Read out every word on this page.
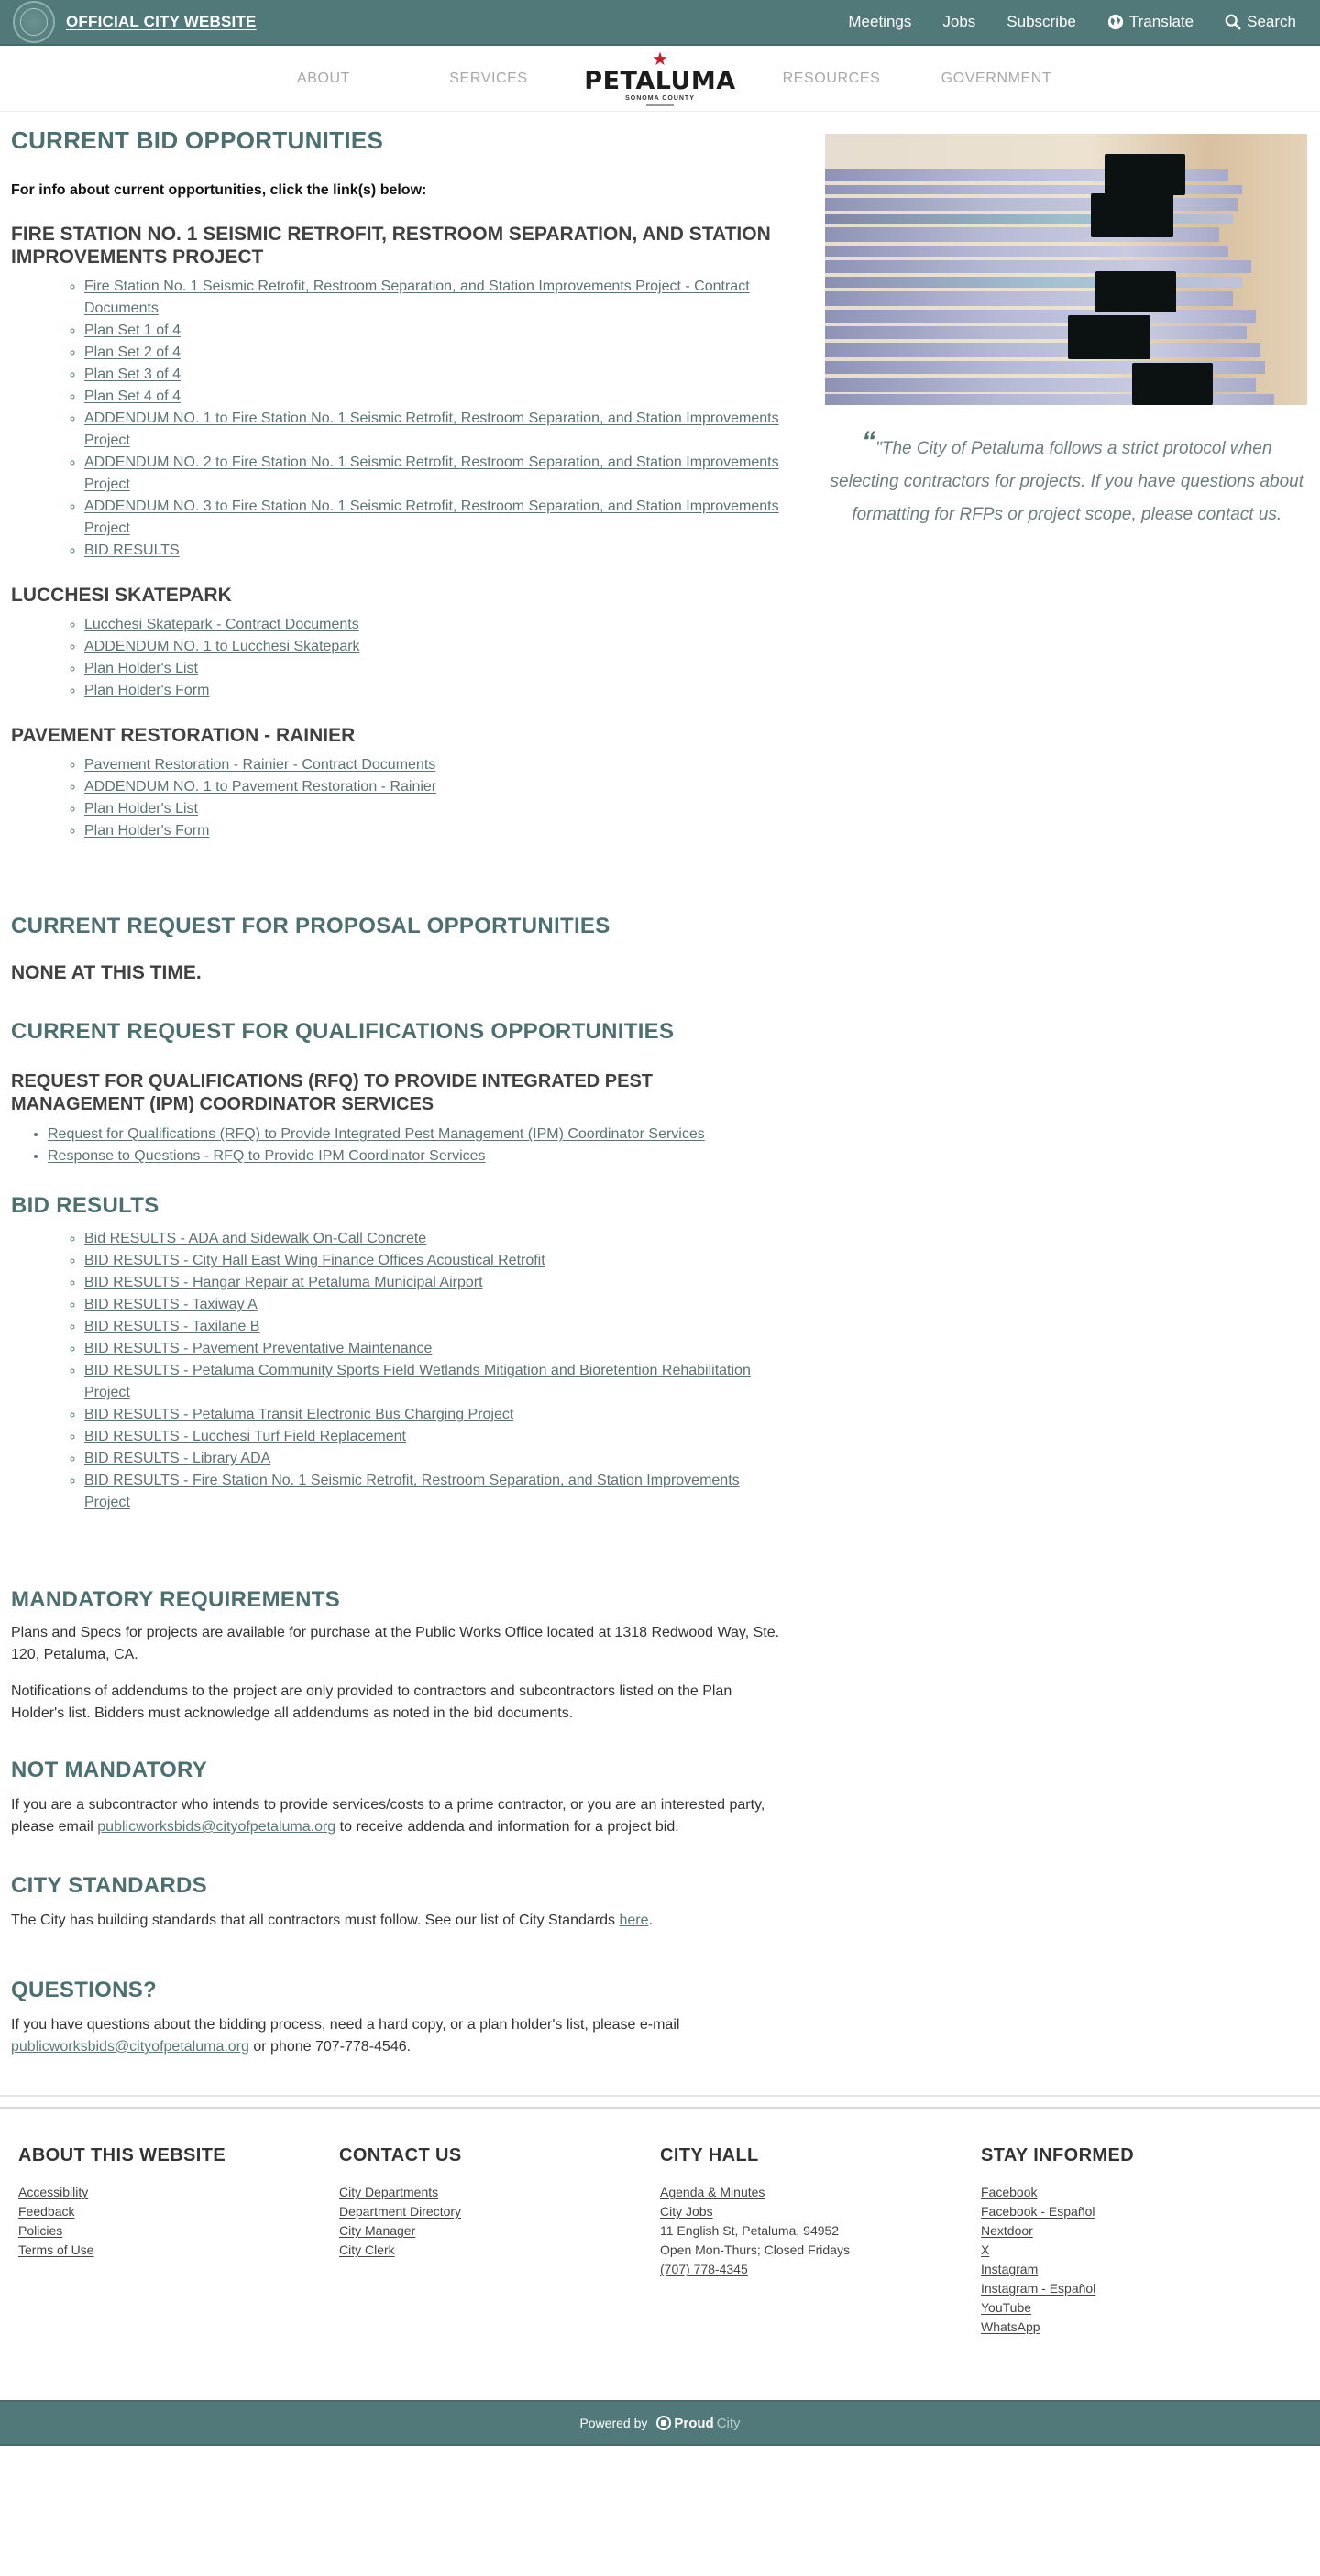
OFFICIAL CITY WEBSITE	Meetings Jobs Subscribe	Translate	Search
ABOUT	SERVICES
★
PETALUMA
SONOMA COUNTY
RESOURCES	GOVERNMENT
CURRENT BID OPPORTUNITIES

For info about current opportunities, click the link(s) below:

FIRE STATION NO. 1 SEISMIC RETROFIT, RESTROOM SEPARATION, AND STATION IMPROVEMENTS PROJECT
◦ Fire Station No. 1 Seismic Retrofit, Restroom Separation, and Station Improvements Project - Contract Documents
◦ Plan Set 1 of 4
◦ Plan Set 2 of 4
◦ Plan Set 3 of 4
◦ Plan Set 4 of 4
◦ ADDENDUM NO. 1 to Fire Station No. 1 Seismic Retrofit, Restroom Separation, and Station Improvements Project
◦ ADDENDUM NO. 2 to Fire Station No. 1 Seismic Retrofit, Restroom Separation, and Station Improvements Project
◦ ADDENDUM NO. 3 to Fire Station No. 1 Seismic Retrofit, Restroom Separation, and Station Improvements Project
◦ BID RESULTS
LUCCHESI SKATEPARK
◦ Lucchesi Skatepark - Contract Documents
◦ ADDENDUM NO. 1 to Lucchesi Skatepark
◦ Plan Holder's List
◦ Plan Holder's Form
PAVEMENT RESTORATION - RAINIER
◦ Pavement Restoration - Rainier - Contract Documents
◦ ADDENDUM NO. 1 to Pavement Restoration - Rainier
◦ Plan Holder's List
◦ Plan Holder's Form
CURRENT REQUEST FOR PROPOSAL OPPORTUNITIES
NONE AT THIS TIME.
CURRENT REQUEST FOR QUALIFICATIONS OPPORTUNITIES
REQUEST FOR QUALIFICATIONS (RFQ) TO PROVIDE INTEGRATED PEST MANAGEMENT (IPM) COORDINATOR SERVICES
• Request for Qualifications (RFQ) to Provide Integrated Pest Management (IPM) Coordinator Services
• Response to Questions - RFQ to Provide IPM Coordinator Services
BID RESULTS
◦ Bid RESULTS - ADA and Sidewalk On-Call Concrete
◦ BID RESULTS - City Hall East Wing Finance Offices Acoustical Retrofit
◦ BID RESULTS - Hangar Repair at Petaluma Municipal Airport
◦ BID RESULTS - Taxiway A
◦ BID RESULTS - Taxilane B
◦ BID RESULTS - Pavement Preventative Maintenance
◦ BID RESULTS - Petaluma Community Sports Field Wetlands Mitigation and Bioretention Rehabilitation Project
◦ BID RESULTS - Petaluma Transit Electronic Bus Charging Project
◦ BID RESULTS - Lucchesi Turf Field Replacement
◦ BID RESULTS - Library ADA
◦ BID RESULTS - Fire Station No. 1 Seismic Retrofit, Restroom Separation, and Station Improvements Project
MANDATORY REQUIREMENTS

Plans and Specs for projects are available for purchase at the Public Works Office located at 1318 Redwood Way, Ste. 120, Petaluma, CA.

Notifications of addendums to the project are only provided to contractors and subcontractors listed on the Plan Holder's list. Bidders must acknowledge all addendums as noted in the bid documents.

NOT MANDATORY

If you are a subcontractor who intends to provide services/costs to a prime contractor, or you are an interested party, please email publicworksbids@cityofpetaluma.org to receive addenda and information for a project bid.

CITY STANDARDS

The City has building standards that all contractors must follow. See our list of City Standards here.

QUESTIONS?

If you have questions about the bidding process, need a hard copy, or a plan holder's list, please e-mail publicworksbids@cityofpetaluma.org or phone 707-778-4546.

“"The City of Petaluma follows a strict protocol when selecting contractors for projects. If you have questions about formatting for RFPs or project scope, please contact us.

ABOUT THIS WEBSITE
Accessibility
Feedback
Policies
Terms of Use
CONTACT US
City Departments
Department Directory
City Manager
City Clerk
CITY HALL
Agenda & Minutes
City Jobs
11 English St, Petaluma, 94952
Open Mon-Thurs; Closed Fridays
(707) 778-4345
STAY INFORMED
Facebook
Facebook - Español
Nextdoor
X
Instagram
Instagram - Español
YouTube
WhatsApp
Powered by Proud City
